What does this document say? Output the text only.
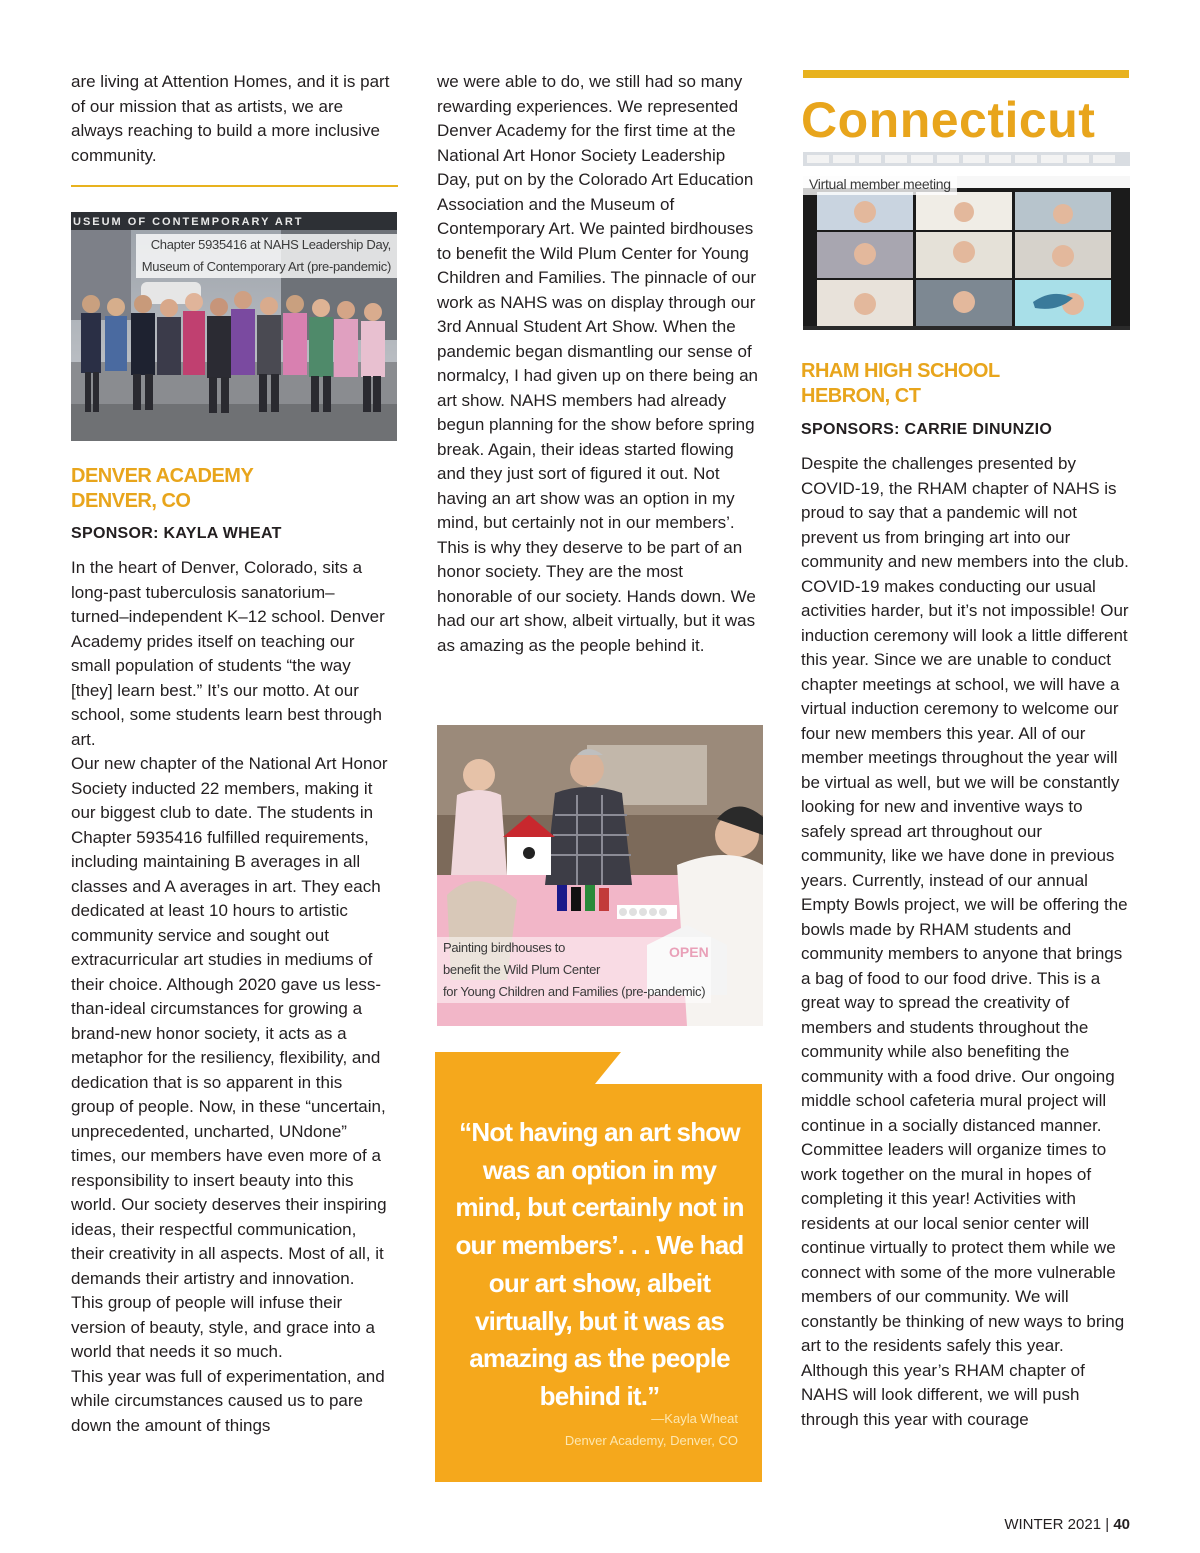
are living at Attention Homes, and it is part of our mission that as artists, we are always reaching to build a more inclusive community.

USEUM OF CONTEMPORARY ART
Chapter 5935416 at NAHS Leadership Day,
Museum of Contemporary Art (pre-pandemic)
DENVER ACADEMY
DENVER, CO
SPONSOR: KAYLA WHEAT

In the heart of Denver, Colorado, sits a long-past tuberculosis sanatorium–turned–independent K–12 school. Denver Academy prides itself on teaching our small population of students “the way [they] learn best.” It’s our motto. At our school, some students learn best through art.

Our new chapter of the National Art Honor Society inducted 22 members, making it our biggest club to date. The students in Chapter 5935416 fulfilled requirements, including maintaining B averages in all classes and A averages in art. They each dedicated at least 10 hours to artistic community service and sought out extracurricular art studies in mediums of their choice. Although 2020 gave us less-than-ideal circumstances for growing a brand-new honor society, it acts as a metaphor for the resiliency, flexibility, and dedication that is so apparent in this group of people. Now, in these “uncertain, unprecedented, uncharted, UNdone” times, our members have even more of a responsibility to insert beauty into this world. Our society deserves their inspiring ideas, their respectful communication, their creativity in all aspects. Most of all, it demands their artistry and innovation. This group of people will infuse their version of beauty, style, and grace into a world that needs it so much.

This year was full of experimentation, and while circumstances caused us to pare down the amount of things

we were able to do, we still had so many rewarding experiences. We represented Denver Academy for the first time at the National Art Honor Society Leadership Day, put on by the Colorado Art Education Association and the Museum of Contemporary Art. We painted birdhouses to benefit the Wild Plum Center for Young Children and Families. The pinnacle of our work as NAHS was on display through our 3rd Annual Student Art Show. When the pandemic began dismantling our sense of normalcy, I had given up on there being an art show. NAHS members had already begun planning for the show before spring break. Again, their ideas started flowing and they just sort of figured it out. Not having an art show was an option in my mind, but certainly not in our members’. This is why they deserve to be part of an honor society. They are the most honorable of our society. Hands down. We had our art show, albeit virtually, but it was as amazing as the people behind it.

Painting birdhouses to
benefit the Wild Plum Center
for Young Children and Families (pre-pandemic)
“Not having an art show was an option in my mind, but certainly not in our members’. . . We had our art show, albeit virtually, but it was as amazing as the people behind it.”
—Kayla Wheat
Denver Academy, Denver, CO
Connecticut
Virtual member meeting
RHAM HIGH SCHOOL
HEBRON, CT
SPONSORS: CARRIE DINUNZIO

Despite the challenges presented by COVID-19, the RHAM chapter of NAHS is proud to say that a pandemic will not prevent us from bringing art into our community and new members into the club. COVID-19 makes conducting our usual activities harder, but it’s not impossible! Our induction ceremony will look a little different this year. Since we are unable to conduct chapter meetings at school, we will have a virtual induction ceremony to welcome our four new members this year. All of our member meetings throughout the year will be virtual as well, but we will be constantly looking for new and inventive ways to safely spread art throughout our community, like we have done in previous years. Currently, instead of our annual Empty Bowls project, we will be offering the bowls made by RHAM students and community members to anyone that brings a bag of food to our food drive. This is a great way to spread the creativity of members and students throughout the community while also benefiting the community with a food drive. Our ongoing middle school cafeteria mural project will continue in a socially distanced manner. Committee leaders will organize times to work together on the mural in hopes of completing it this year! Activities with residents at our local senior center will continue virtually to protect them while we connect with some of the more vulnerable members of our community. We will constantly be thinking of new ways to bring art to the residents safely this year. Although this year’s RHAM chapter of NAHS will look different, we will push through this year with courage

WINTER 2021 | 40
